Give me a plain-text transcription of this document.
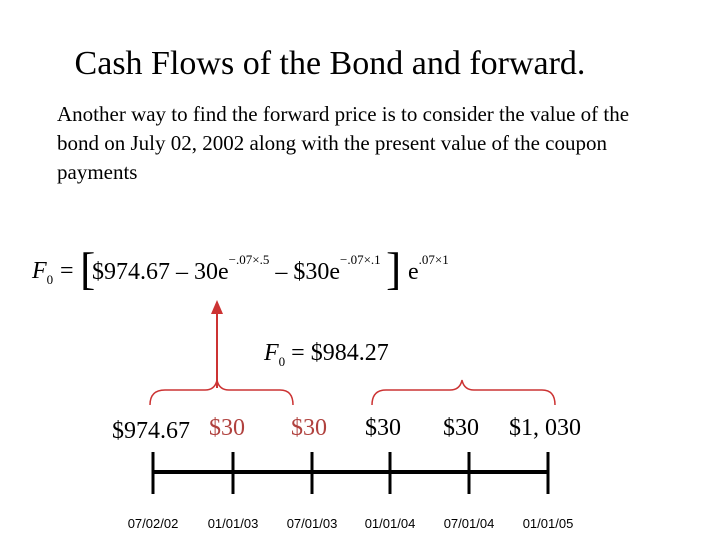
Cash Flows of the Bond and forward.
Another way to find the forward price is to consider the value of the bond on July 02, 2002 along with the present value of the coupon payments
$F_0$ = [
$974.67 – $30e^{-.07\times.5}$ – $\$30e^{-.07\times.1}$ ] $e^{.07\times 1}$
$F_0$ = $984.27
$974.67 $30 $30 $30 $30 $1, 030
07/02/02 01/01/03 07/01/03 01/01/04 07/01/04 01/01/05
